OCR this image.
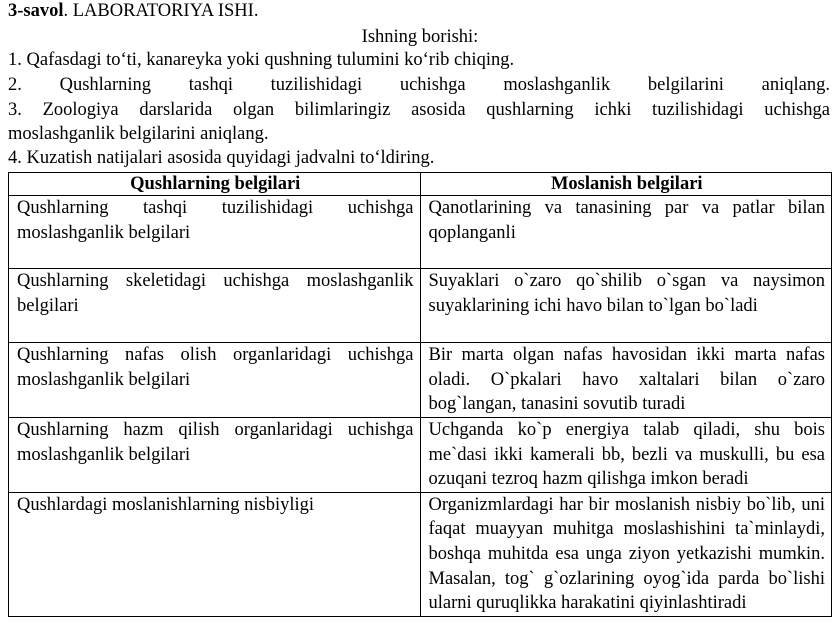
3-savol. LABORATORIYA ISHI.
Ishning borishi:
1. Qafasdagi to‘ti, kanareyka yoki qushning tulumini ko‘rib chiqing.
2. Qushlarning tashqi tuzilishidagi uchishga moslashganlik belgilarini aniqlang.
3. Zoologiya darslarida olgan bilimlaringiz asosida qushlarning ichki tuzilishidagi uchishga
moslashganlik belgilarini aniqlang.
4. Kuzatish natijalari asosida quyidagi jadvalni to‘ldiring.
Qushlarning belgilari	Moslanish belgilari
Qushlarning tashqi tuzilishidagi uchishga moslashganlik belgilari	Qanotlarining va tanasining par va patlar bilan qoplanganli
Qushlarning skeletidagi uchishga moslashganlik belgilari	Suyaklari o`zaro qo`shilib o`sgan va naysimon suyaklarining ichi havo bilan to`lgan bo`ladi
Qushlarning nafas olish organlaridagi uchishga moslashganlik belgilari	Bir marta olgan nafas havosidan ikki marta nafas oladi. O`pkalari havo xaltalari bilan o`zaro bog`langan, tanasini sovutib turadi
Qushlarning hazm qilish organlaridagi uchishga moslashganlik belgilari	Uchganda ko`p energiya talab qiladi, shu bois me`dasi ikki kamerali bb, bezli va muskulli, bu esa ozuqani tezroq hazm qilishga imkon beradi
Qushlardagi moslanishlarning nisbiyligi	Organizmlardagi har bir moslanish nisbiy bo`lib, uni faqat muayyan muhitga moslashishini ta`minlaydi, boshqa muhitda esa unga ziyon yetkazishi mumkin. Masalan, tog` g`ozlarining oyog`ida parda bo`lishi ularni quruqlikka harakatini qiyinlashtiradi
